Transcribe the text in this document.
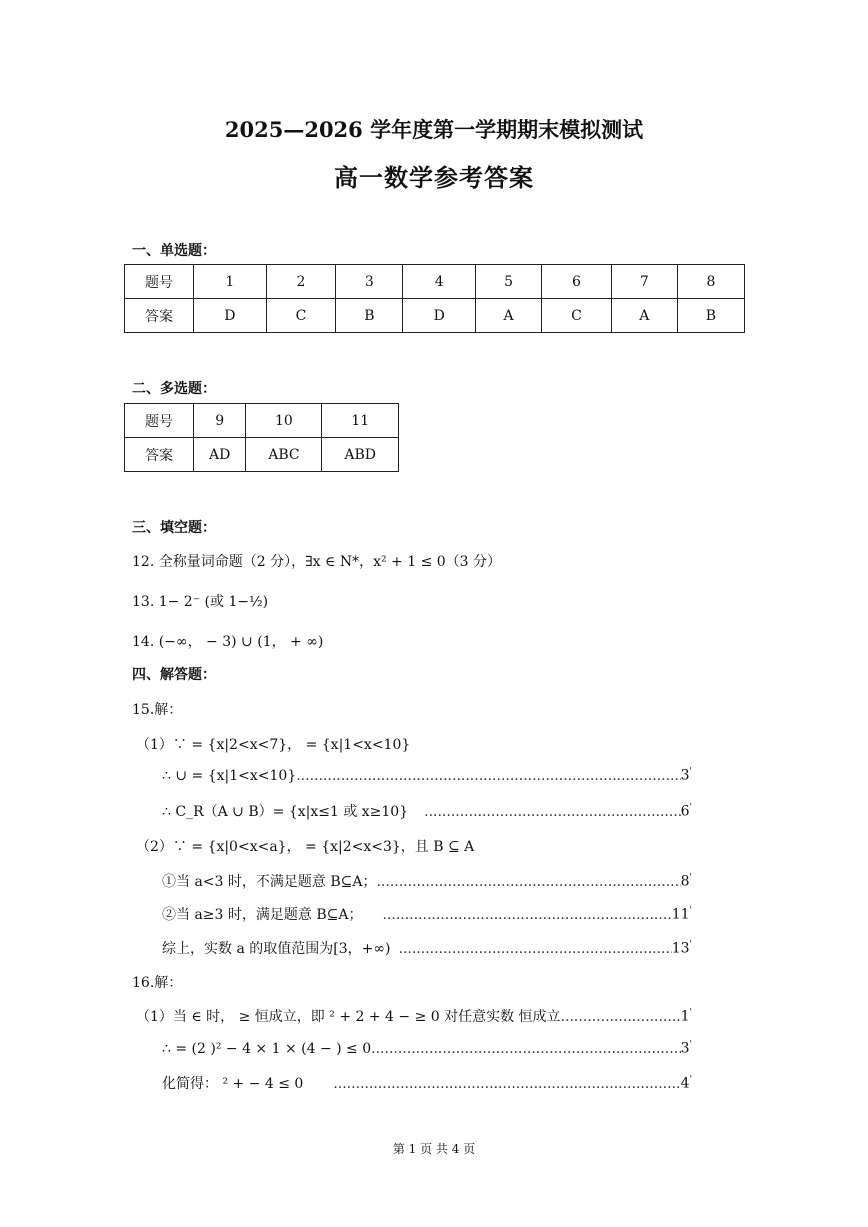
2025—2026 学年度第一学期期末模拟测试
高一数学参考答案
一、单选题：
题号	1	2	3	4	5	6	7	8
答案	D	C	B	D	A	C	A	B
二、多选题：
题号	9	10	11
答案	AD	ABC	ABD
三、填空题：
12. 全称量词命题（2 分），∃x ∈ N*，x² + 1 ≤ 0（3 分）
13. 1− 2⁻ (或 1−½)
14. (−∞， − 3) ∪ (1， + ∞)
四、解答题：
15.解：
（1）∵ = {x|2<x<7}， = {x|1<x<10}
∴ ∪ = {x|1<x<10} .....	3'
∴ C_R（A ∪ B）= {x|x≤1 或 x≥10} .....	6'
（2）∵ = {x|0<x<a}， = {x|2<x<3}，且 B ⊆ A
①当 a<3 时，不满足题意 B⊆A； .....	8'
②当 a≥3 时，满足题意 B⊆A； .....	11'
综上，实数 a 的取值范围为[3，+∞) .....	13'
16.解：
（1）当 ∈ 时， ≥ 恒成立，即 ² + 2 + 4 − ≥ 0 对任意实数 恒成立 .....	1'
∴ = (2 )² − 4 × 1 × (4 − ) ≤ 0 .....	3'
化简得： ² + − 4 ≤ 0 .....	4'
第 1 页 共 4 页
